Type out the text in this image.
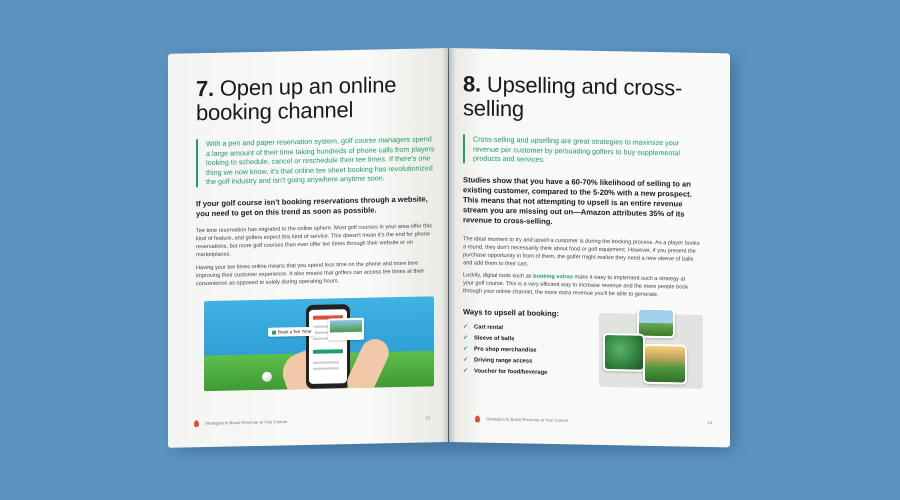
7. Open up an online booking channel
With a pen and paper reservation system, golf course managers spend a large amount of their time taking hundreds of phone calls from players looking to schedule, cancel or reschedule their tee times. If there's one thing we now know, it's that online tee sheet booking has revolutionized the golf industry and isn't going anywhere anytime soon.
If your golf course isn't booking reservations through a website, you need to get on this trend as soon as possible.
Tee time reservation has migrated to the online sphere. Most golf courses in your area offer this kind of feature, and golfers expect this kind of service. This doesn't mean it's the end for phone reservations, but more golf courses than ever offer tee times through their website or on marketplaces.
Having your tee times online means that you spend less time on the phone and more time improving their customer experience. It also means that golfers can access tee times at their convenience as opposed to solely during operating hours.
Book a Tee Time
Strategies to Boost Revenue at Your Course
13
8. Upselling and cross-selling
Cross-selling and upselling are great strategies to maximize your revenue per customer by persuading golfers to buy supplemental products and services.
Studies show that you have a 60-70% likelihood of selling to an existing customer, compared to the 5-20% with a new prospect. This means that not attempting to upsell is an entire revenue stream you are missing out on—Amazon attributes 35% of its revenue to cross-selling.
The ideal moment to try and upsell a customer is during the booking process. As a player books a round, they don't necessarily think about food or golf equipment. However, if you present the purchase opportunity in front of them, the golfer might realize they need a new sleeve of balls and add them to their cart.
Luckily, digital tools such as booking extras make it easy to implement such a strategy at your golf course. This is a very efficient way to increase revenue and the more people book through your online channel, the more extra revenue you'll be able to generate.
Ways to upsell at booking:
✓ Cart rental
✓ Sleeve of balls
✓ Pro shop merchandise
✓ Driving range access
✓ Voucher for food/beverage
Strategies to Boost Revenue at Your Course	13
